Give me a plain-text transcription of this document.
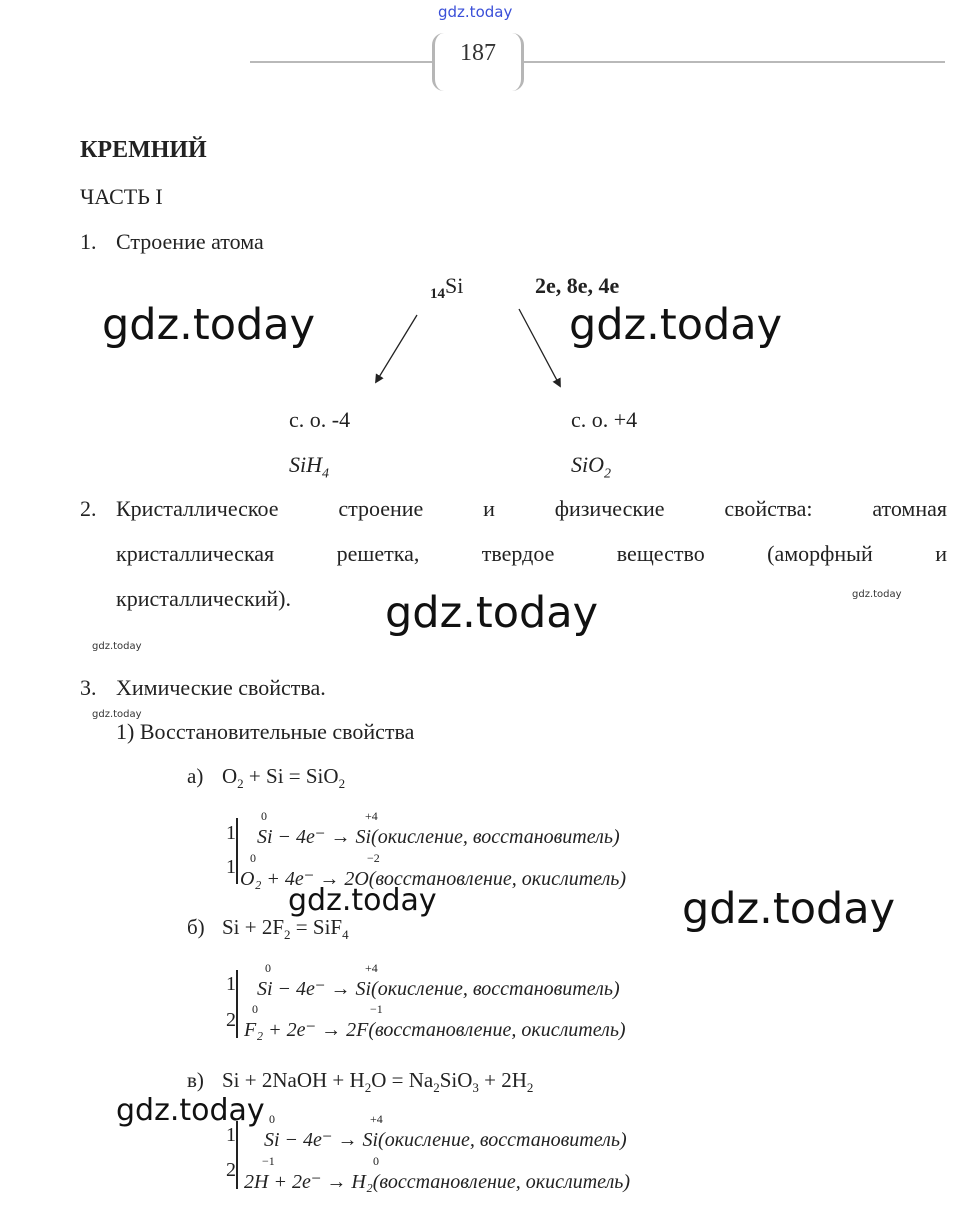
gdz.today
187
КРЕМНИЙ
ЧАСТЬ I
1. Строение атома
$_{14}$Si	2е, 8е, 4е
с. о. -4
SiH$_4$
с. о. +4
SiO$_2$
2. Кристаллическое	строение	и	физические	свойства:	атомная
кристаллическая	решетка,	твердое	вещество	(аморфный	и
кристаллический).
3. Химические свойства.
1) Восстановительные свойства
а) $O_2 + Si = SiO_2$
1
1
Si − 4e⁻ → Si(окисление, восстановитель)
0	+4
O₂ + 4e⁻ → 2O(восстановление, окислитель)
0	−2
б) $Si + 2F_2 = SiF_4$
1
2
Si − 4e⁻ → Si(окисление, восстановитель)
0	+4
F₂ + 2e⁻ → 2F(восстановление, окислитель)
0	−1
в) Si + 2NaOH + $H_2O = Na_2SiO_3 + 2H_2$
1
2
Si − 4e⁻ → Si(окисление, восстановитель)
0	+4
2H + 2e⁻ → H₂(восстановление, окислитель)
−1	0
gdz.today	gdz.today
gdz.today	gdz.today
gdz.today
gdz.today
gdz.today	gdz.today
gdz.today
